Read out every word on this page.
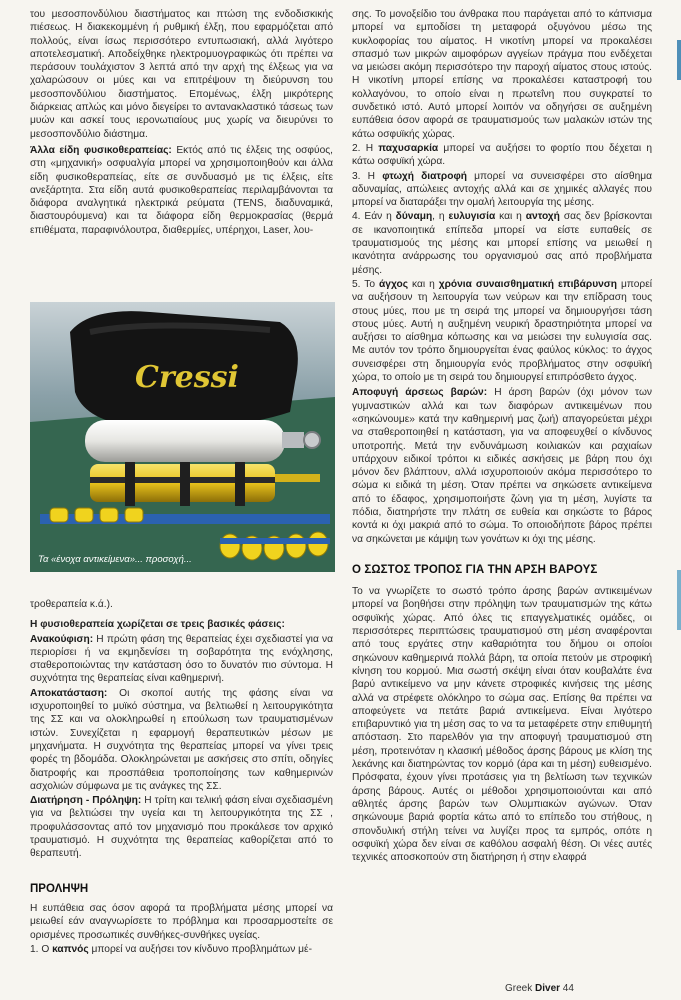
του μεσοσπονδύλιου διαστήματος και πτώση της ενδοδισκικής πιέσεως. Η διακεκομμένη ή ρυθμική έλξη, που εφαρμόζεται από πολλούς, είναι ίσως περισσότερο εντυπωσιακή, αλλά λιγότερο αποτελεσματική. Αποδείχθηκε ηλεκτρομυογραφικώς ότι πρέπει να περάσουν τουλάχιστον 3 λεπτά από την αρχή της έλξεως για να χαλαρώσουν οι μύες και να επιτρέψουν τη διεύρυνση του μεσοσπονδύλιου διαστήματος. Επομένως, έλξη μικρότερης διάρκειας απλώς και μόνο διεγείρει το αντανακλαστικό τάσεως των μυών και ασκεί τους ιερονωτιαίους μυς χωρίς να διευρύνει το μεσοσπονδύλιο διάστημα.

Άλλα είδη φυσικοθεραπείας: Εκτός από τις έλξεις της οσφύος, στη «μηχανική» οσφυαλγία μπορεί να χρησιμοποιηθούν και άλλα είδη φυσικοθεραπείας, είτε σε συνδυασμό με τις έλξεις, είτε ανεξάρτητα. Στα είδη αυτά φυσικοθεραπείας περιλαμβάνονται τα διάφορα αναλγητικά ηλεκτρικά ρεύματα (TENS, διαδυναμικά, διαστουρόυμενα) και τα διάφορα είδη θερμοκρασίας (θερμά επιθέματα, παραφινόλουτρα, διαθερμίες, υπέρηχοι, Laser, λου-

Cressi
Τα «ένοχα αντικείμενα»... προσοχή...

τροθεραπεία κ.ά.).

Η φυσιοθεραπεία χωρίζεται σε τρεις βασικές φάσεις:

Ανακούφιση: Η πρώτη φάση της θεραπείας έχει σχεδιαστεί για να περιορίσει ή να εκμηδενίσει τη σοβαρότητα της ενόχλησης, σταθεροποιώντας την κατάσταση όσο το δυνατόν πιο σύντομα. Η συχνότητα της θεραπείας είναι καθημερινή.

Αποκατάσταση: Οι σκοποί αυτής της φάσης είναι να ισχυροποιηθεί το μυϊκό σύστημα, να βελτιωθεί η λειτουργικότητα της ΣΣ και να ολοκληρωθεί η επούλωση των τραυματισμένων ιστών. Συνεχίζεται η εφαρμογή θεραπευτικών μέσων με μηχανήματα. Η συχνότητα της θεραπείας μπορεί να γίνει τρεις φορές τη βδομάδα. Ολοκληρώνεται με ασκήσεις στο σπίτι, οδηγίες διατροφής και προσπάθεια τροποποίησης των καθημερινών ασχολιών σύμφωνα με τις ανάγκες της ΣΣ.

Διατήρηση - Πρόληψη: Η τρίτη και τελική φάση είναι σχεδιασμένη για να βελτιώσει την υγεία και τη λειτουργικότητα της ΣΣ , προφυλάσσοντας από τον μηχανισμό που προκάλεσε τον αρχικό τραυματισμό. Η συχνότητα της θεραπείας καθορίζεται από το θεραπευτή.

ΠΡΟΛΗΨΗ

Η ευπάθεια σας όσον αφορά τα προβλήματα μέσης μπορεί να μειωθεί εάν αναγνωρίσετε το πρόβλημα και προσαρμοστείτε σε ορισμένες προσωπικές συνθήκες-συνθήκες υγείας.

1. Ο καπνός μπορεί να αυξήσει τον κίνδυνο προβλημάτων μέ-

σης. Το μονοξείδιο του άνθρακα που παράγεται από το κάπνισμα μπορεί να εμποδίσει τη μεταφορά οξυγόνου μέσω της κυκλοφορίας του αίματος. Η νικοτίνη μπορεί να προκαλέσει σπασμό των μικρών αιμοφόρων αγγείων πράγμα που ενδέχεται να μειώσει ακόμη περισσότερο την παροχή αίματος στους ιστούς. Η νικοτίνη μπορεί επίσης να προκαλέσει καταστροφή του κολλαγόνου, το οποίο είναι η πρωτεΐνη που συγκρατεί το συνδετικό ιστό. Αυτό μπορεί λοιπόν να οδηγήσει σε αυξημένη ευπάθεια όσον αφορά σε τραυματισμούς των μαλακών ιστών της κάτω οσφυϊκής χώρας.

2. Η παχυσαρκία μπορεί να αυξήσει το φορτίο που δέχεται η κάτω οσφυϊκή χώρα.

3. Η φτωχή διατροφή μπορεί να συνεισφέρει στο αίσθημα αδυναμίας, απώλειες αντοχής αλλά και σε χημικές αλλαγές που μπορεί να διαταράξει την ομαλή λειτουργία της μέσης.

4. Εάν η δύναμη, η ευλυγισία και η αντοχή σας δεν βρίσκονται σε ικανοποιητικά επίπεδα μπορεί να είστε ευπαθείς σε τραυματισμούς της μέσης και μπορεί επίσης να μειωθεί η ικανότητα ανάρρωσης του οργανισμού σας από προβλήματα μέσης.

5. Το άγχος και η χρόνια συναισθηματική επιβάρυνση μπορεί να αυξήσουν τη λειτουργία των νεύρων και την επίδραση τους στους μύες, που με τη σειρά της μπορεί να δημιουργήσει τάση στους μύες. Αυτή η αυξημένη νευρική δραστηριότητα μπορεί να αυξήσει το αίσθημα κόπωσης και να μειώσει την ευλυγισία σας. Με αυτόν τον τρόπο δημιουργείται ένας φαύλος κύκλος: το άγχος συνεισφέρει στη δημιουργία ενός προβλήματος στην οσφυϊκή χώρα, το οποίο με τη σειρά του δημιουργεί επιπρόσθετο άγχος.

Αποφυγή άρσεως βαρών: Η άρση βαρών (όχι μόνον των γυμναστικών αλλά και των διαφόρων αντικειμένων που «σηκώνουμε» κατά την καθημερινή μας ζωή) απαγορεύεται μέχρι να σταθεροποιηθεί η κατάσταση, για να αποφευχθεί ο κίνδυνος υποτροπής. Μετά την ενδυνάμωση κοιλιακών και ραχιαίων υπάρχουν ειδικοί τρόποι κι ειδικές ασκήσεις με βάρη που όχι μόνον δεν βλάπτουν, αλλά ισχυροποιούν ακόμα περισσότερο το σώμα κι ειδικά τη μέση. Όταν πρέπει να σηκώσετε αντικείμενα από το έδαφος, χρησιμοποιήστε ζώνη για τη μέση, λυγίστε τα πόδια, διατηρήστε την πλάτη σε ευθεία και σηκώστε το βάρος κοντά κι όχι μακριά από το σώμα. Το οποιοδήποτε βάρος πρέπει να σηκώνεται με κάμψη των γονάτων κι όχι της μέσης.

Ο ΣΩΣΤΟΣ ΤΡΟΠΟΣ ΓΙΑ ΤΗΝ ΑΡΣΗ ΒΑΡΟΥΣ

Το να γνωρίζετε το σωστό τρόπο άρσης βαρών αντικειμένων μπορεί να βοηθήσει στην πρόληψη των τραυματισμών της κάτω οσφυϊκής χώρας. Από όλες τις επαγγελματικές ομάδες, οι περισσότερες περιπτώσεις τραυματισμού στη μέση αναφέρονται από τους εργάτες στην καθαριότητα του δήμου οι οποίοι σηκώνουν καθημερινά πολλά βάρη, τα οποία πετούν με στροφική κίνηση του κορμού. Μια σωστή σκέψη είναι όταν κουβαλάτε ένα βαρύ αντικείμενο να μην κάνετε στροφικές κινήσεις της μέσης αλλά να στρέφετε ολόκληρο το σώμα σας. Επίσης θα πρέπει να αποφεύγετε να πετάτε βαριά αντικείμενα. Είναι λιγότερο επιβαρυντικό για τη μέση σας το να τα μεταφέρετε στην επιθυμητή απόσταση. Στο παρελθόν για την αποφυγή τραυματισμού στη μέση, προτεινόταν η κλασική μέθοδος άρσης βάρους με κλίση της λεκάνης και διατηρώντας τον κορμό (άρα και τη μέση) ευθεισμένο. Πρόσφατα, έχουν γίνει προτάσεις για τη βελτίωση των τεχνικών άρσης βάρους. Αυτές οι μέθοδοι χρησιμοποιούνται και από αθλητές άρσης βαρών των Ολυμπιακών αγώνων. Όταν σηκώνουμε βαριά φορτία κάτω από το επίπεδο του στήθους, η σπονδυλική στήλη τείνει να λυγίζει προς τα εμπρός, οπότε η οσφυϊκή χώρα δεν είναι σε καθόλου ασφαλή θέση. Οι νέες αυτές τεχνικές αποσκοπούν στη διατήρηση ή στην ελαφρά

Greek Diver 44
